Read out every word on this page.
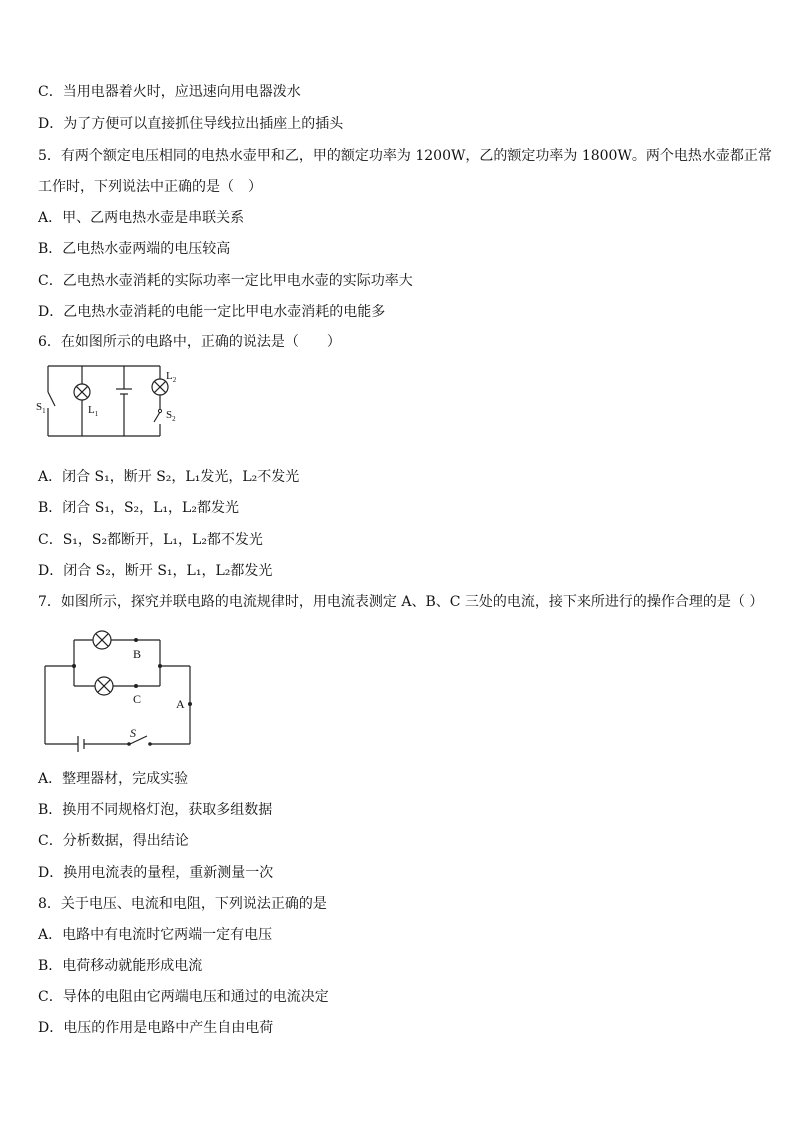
C．当用电器着火时，应迅速向用电器泼水
D．为了方便可以直接抓住导线拉出插座上的插头
5．有两个额定电压相同的电热水壶甲和乙，甲的额定功率为 1200W，乙的额定功率为 1800W。两个电热水壶都正常
工作时，下列说法中正确的是（　）
A．甲、乙两电热水壶是串联关系
B．乙电热水壶两端的电压较高
C．乙电热水壶消耗的实际功率一定比甲电水壶的实际功率大
D．乙电热水壶消耗的电能一定比甲电水壶消耗的电能多
6．在如图所示的电路中，正确的说法是（　　）
$L_2$
$L_1$
$S_1$	$S_2$
A．闭合 S₁，断开 S₂，L₁发光，L₂不发光
B．闭合 S₁，S₂，L₁，L₂都发光
C．S₁，S₂都断开，L₁，L₂都不发光
D．闭合 S₂，断开 S₁，L₁，L₂都发光
7．如图所示，探究并联电路的电流规律时，用电流表测定 A、B、C 三处的电流，接下来所进行的操作合理的是（ ）
B
C	A
S
A．整理器材，完成实验
B．换用不同规格灯泡，获取多组数据
C．分析数据，得出结论
D．换用电流表的量程，重新测量一次
8．关于电压、电流和电阻，下列说法正确的是
A．电路中有电流时它两端一定有电压
B．电荷移动就能形成电流
C．导体的电阻由它两端电压和通过的电流决定
D．电压的作用是电路中产生自由电荷
